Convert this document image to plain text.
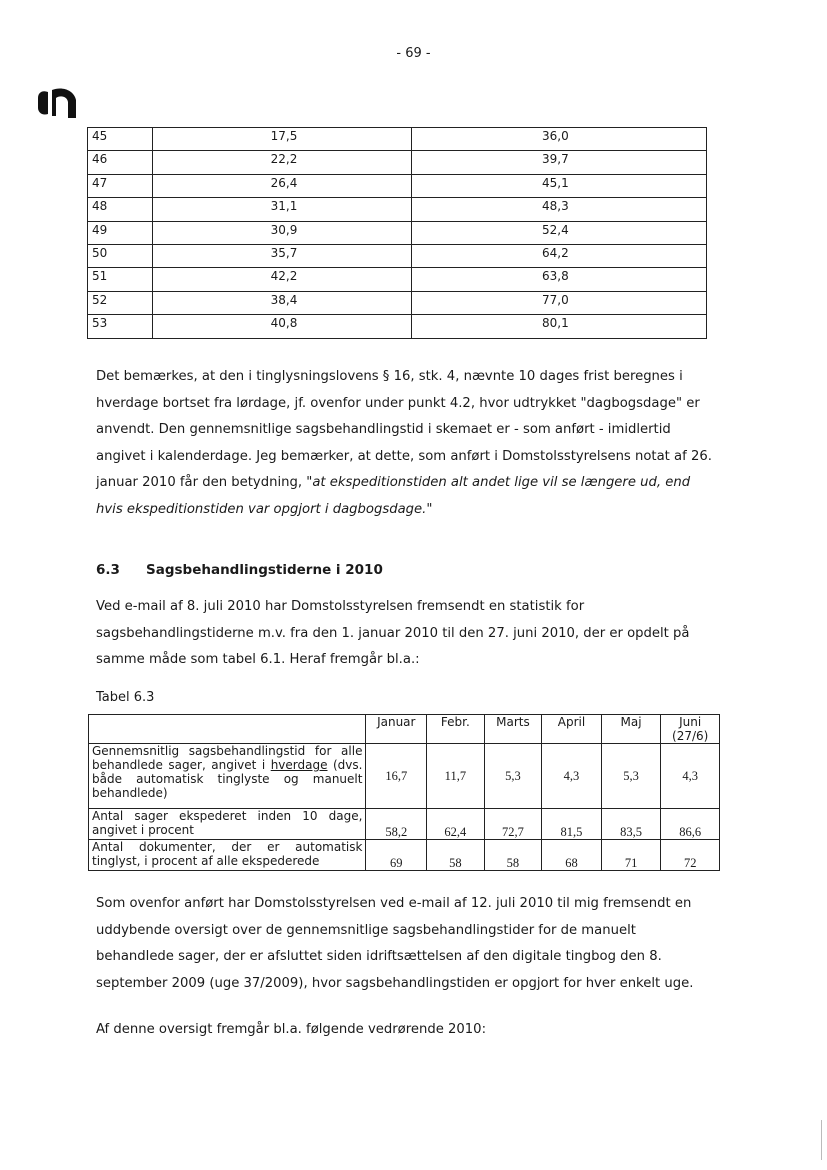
- 69 -
45	17,5	36,0
46	22,2	39,7
47	26,4	45,1
48	31,1	48,3
49	30,9	52,4
50	35,7	64,2
51	42,2	63,8
52	38,4	77,0
53	40,8	80,1

Det bemærkes, at den i tinglysningslovens § 16, stk. 4, nævnte 10 dages frist beregnes i hverdage bortset fra lørdage, jf. ovenfor under punkt 4.2, hvor udtrykket "dagbogsdage" er anvendt. Den gennemsnitlige sagsbehandlingstid i skemaet er - som anført - imidlertid angivet i kalenderdage. Jeg bemærker, at dette, som anført i Domstolsstyrelsens notat af 26. januar 2010 får den betydning, "at ekspeditionstiden alt andet lige vil se længere ud, end hvis ekspeditionstiden var opgjort i dagbogsdage."

6.3 Sagsbehandlingstiderne i 2010

Ved e-mail af 8. juli 2010 har Domstolsstyrelsen fremsendt en statistik for sagsbehandlingstiderne m.v. fra den 1. januar 2010 til den 27. juni 2010, der er opdelt på samme måde som tabel 6.1. Heraf fremgår bl.a.:

Tabel 6.3
	Januar	Febr.	Marts	April	Maj	Juni (27/6)
Gennemsnitlig sagsbehandlingstid for alle behandlede sager, angivet i hverdage (dvs. både automatisk tinglyste og manuelt behandlede)	16,7	11,7	5,3	4,3	5,3	4,3
Antal sager ekspederet inden 10 dage, angivet i procent	58,2	62,4	72,7	81,5	83,5	86,6
Antal dokumenter, der er automatisk tinglyst, i procent af alle ekspederede	69	58	58	68	71	72

Som ovenfor anført har Domstolsstyrelsen ved e-mail af 12. juli 2010 til mig fremsendt en uddybende oversigt over de gennemsnitlige sagsbehandlingstider for de manuelt behandlede sager, der er afsluttet siden idriftsættelsen af den digitale tingbog den 8. september 2009 (uge 37/2009), hvor sagsbehandlingstiden er opgjort for hver enkelt uge.

Af denne oversigt fremgår bl.a. følgende vedrørende 2010:
